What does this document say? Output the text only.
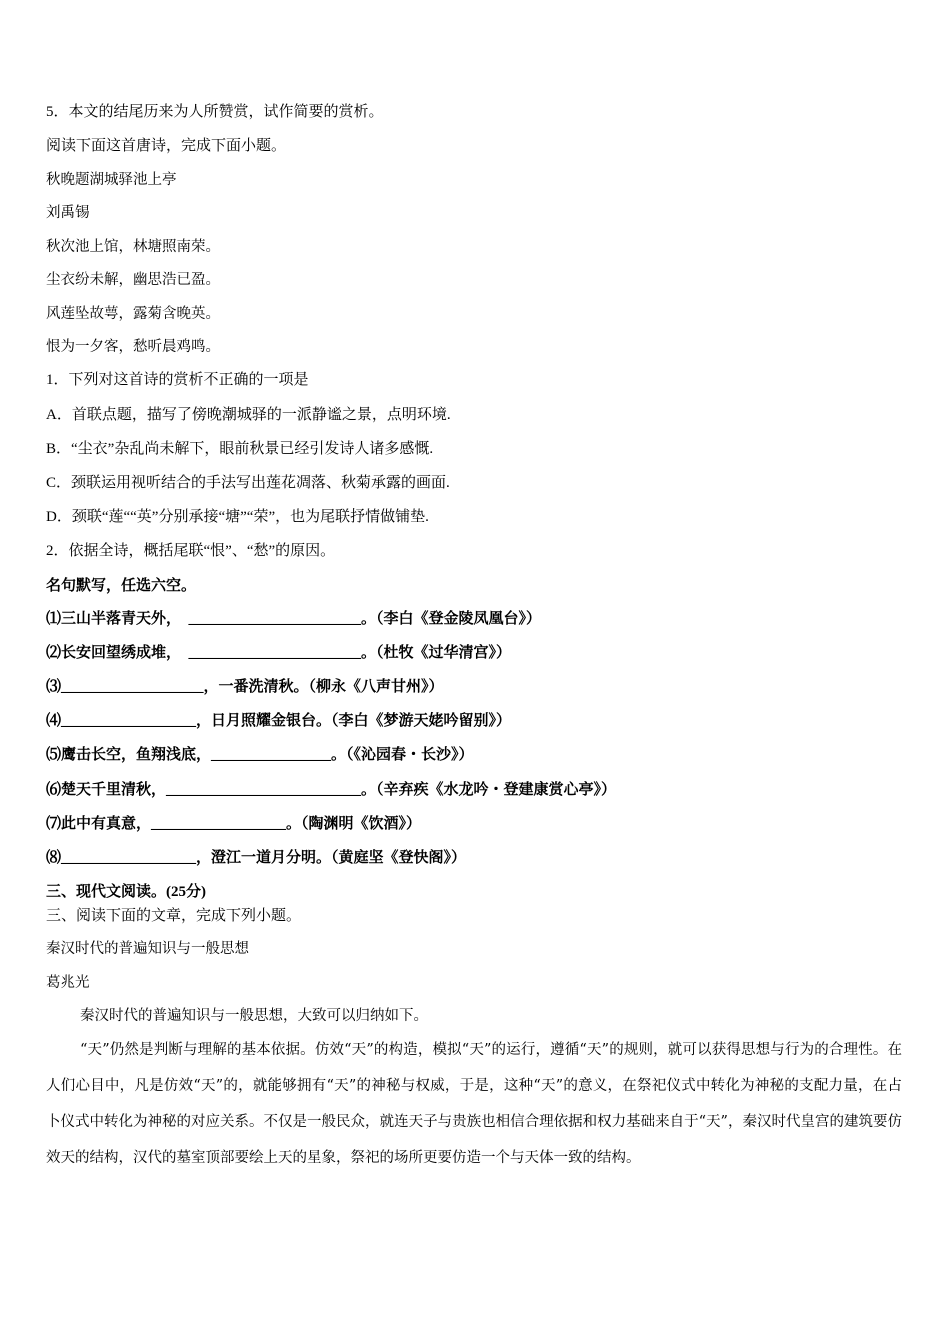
5．本文的结尾历来为人所赞赏，试作简要的赏析。
阅读下面这首唐诗，完成下面小题。
秋晚题湖城驿池上亭
刘禹锡
秋次池上馆，林塘照南荣。
尘衣纷未解，幽思浩已盈。
风莲坠故萼，露菊含晚英。
恨为一夕客，愁听晨鸡鸣。
1．下列对这首诗的赏析不正确的一项是
A．首联点题，描写了傍晚潮城驿的一派静谧之景，点明环境.
B．“尘衣”杂乱尚未解下，眼前秋景已经引发诗人诸多感慨.
C．颈联运用视听结合的手法写出莲花凋落、秋菊承露的画面.
D．颈联“莲““英”分别承接“塘”“荣”，也为尾联抒情做铺垫.
2．依据全诗，概括尾联“恨”、“愁”的原因。
名句默写，任选六空。
⑴三山半落青天外，　_______________________。（李白《登金陵凤凰台》）
⑵长安回望绣成堆，　_______________________。（杜牧《过华清宫》）
⑶___________________，一番洗清秋。（柳永《八声甘州》）
⑷__________________，日月照耀金银台。（李白《梦游天姥吟留别》）
⑸鹰击长空，鱼翔浅底，________________。（《沁园春・长沙》）
⑹楚天千里清秋，__________________________。（辛弃疾《水龙吟・登建康赏心亭》）
⑺此中有真意，__________________。（陶渊明《饮酒》）
⑻__________________，澄江一道月分明。（黄庭坚《登快阁》）
三、现代文阅读。(25分)
三、阅读下面的文章，完成下列小题。
秦汉时代的普遍知识与一般思想
葛兆光
秦汉时代的普遍知识与一般思想，大致可以归纳如下。
“天”仍然是判断与理解的基本依据。仿效“天”的构造，模拟“天”的运行，遵循“天”的规则，就可以获得思想与行为的合理性。在人们心目中，凡是仿效“天”的，就能够拥有“天”的神秘与权威，于是，这种“天”的意义，在祭祀仪式中转化为神秘的支配力量，在占卜仪式中转化为神秘的对应关系。不仅是一般民众，就连天子与贵族也相信合理依据和权力基础来自于“天”，秦汉时代皇宫的建筑要仿效天的结构，汉代的墓室顶部要绘上天的星象，祭祀的场所更要仿造一个与天体一致的结构。
